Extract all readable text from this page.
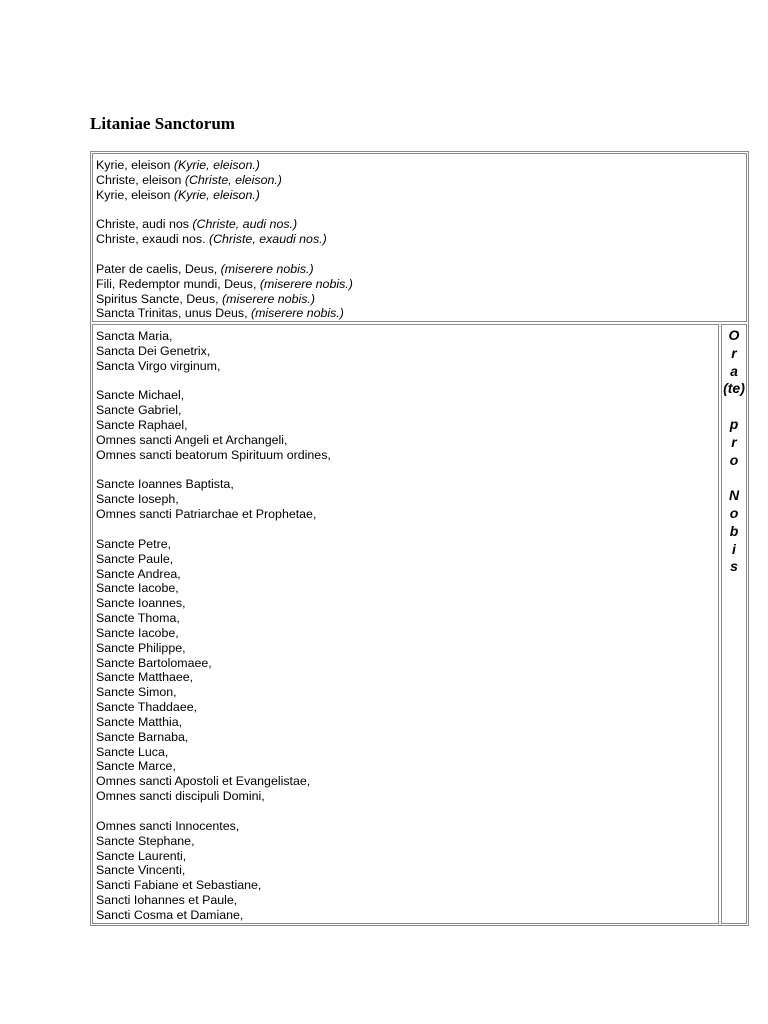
Litaniae Sanctorum
Kyrie, eleison (Kyrie, eleison.)
Christe, eleison (Christe, eleison.)
Kyrie, eleison (Kyrie, eleison.)
Christe, audi nos (Christe, audi nos.)
Christe, exaudi nos. (Christe, exaudi nos.)
Pater de caelis, Deus, (miserere nobis.)
Fili, Redemptor mundi, Deus, (miserere nobis.)
Spiritus Sancte, Deus, (miserere nobis.)
Sancta Trinitas, unus Deus, (miserere nobis.)
Sancta Maria,
Sancta Dei Genetrix,
Sancta Virgo virginum,
Sancte Michael,
Sancte Gabriel,
Sancte Raphael,
Omnes sancti Angeli et Archangeli,
Omnes sancti beatorum Spirituum ordines,
Sancte Ioannes Baptista,
Sancte Ioseph,
Omnes sancti Patriarchae et Prophetae,
Sancte Petre,
Sancte Paule,
Sancte Andrea,
Sancte Iacobe,
Sancte Ioannes,
Sancte Thoma,
Sancte Iacobe,
Sancte Philippe,
Sancte Bartolomaee,
Sancte Matthaee,
Sancte Simon,
Sancte Thaddaee,
Sancte Matthia,
Sancte Barnaba,
Sancte Luca,
Sancte Marce,
Omnes sancti Apostoli et Evangelistae,
Omnes sancti discipuli Domini,
Omnes sancti Innocentes,
Sancte Stephane,
Sancte Laurenti,
Sancte Vincenti,
Sancti Fabiane et Sebastiane,
Sancti Iohannes et Paule,
Sancti Cosma et Damiane,
O
r
a
(te)
p
r
o
N
o
b
i
s
